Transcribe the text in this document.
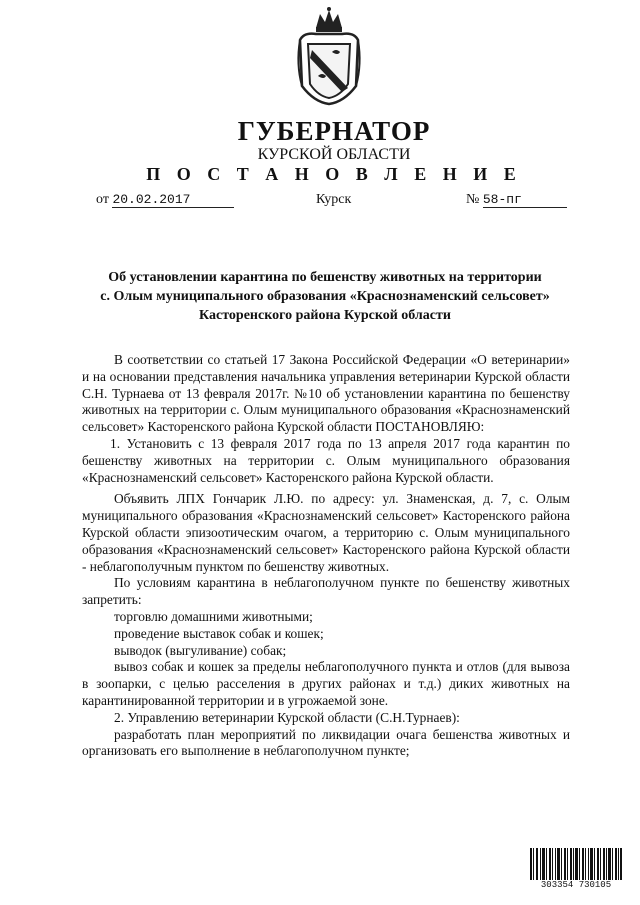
ГУБЕРНАТОР
КУРСКОЙ ОБЛАСТИ
П О С Т А Н О В Л Е Н И Е
от 20.02.2017	Курск	№ 58-пг
Об установлении карантина по бешенству животных на территории
с. Олым муниципального образования «Краснознаменский сельсовет»
Касторенского района Курской области

В соответствии со статьей 17 Закона Российской Федерации «О ветеринарии» и на основании представления начальника управления ветеринарии Курской области С.Н. Турнаева от 13 февраля 2017г. №10 об установлении карантина по бешенству животных на территории с. Олым муниципального образования «Краснознаменский сельсовет» Касторенского района Курской области ПОСТАНОВЛЯЮ:

1. Установить с 13 февраля 2017 года по 13 апреля 2017 года карантин по бешенству животных на территории с. Олым муниципального образования «Краснознаменский сельсовет» Касторенского района Курской области.

Объявить ЛПХ Гончарик Л.Ю. по адресу: ул. Знаменская, д. 7, с. Олым муниципального образования «Краснознаменский сельсовет» Касторенского района Курской области эпизоотическим очагом, а территорию с. Олым муниципального образования «Краснознаменский сельсовет» Касторенского района Курской области - неблагополучным пунктом по бешенству животных.

По условиям карантина в неблагополучном пункте по бешенству животных запретить:

торговлю домашними животными;

проведение выставок собак и кошек;

выводок (выгуливание) собак;

вывоз собак и кошек за пределы неблагополучного пункта и отлов (для вывоза в зоопарки, с целью расселения в других районах и т.д.) диких животных на карантинированной территории и в угрожаемой зоне.

2. Управлению ветеринарии Курской области (С.Н.Турнаев):

разработать план мероприятий по ликвидации очага бешенства животных и организовать его выполнение в неблагополучном пункте;

303354 730105
